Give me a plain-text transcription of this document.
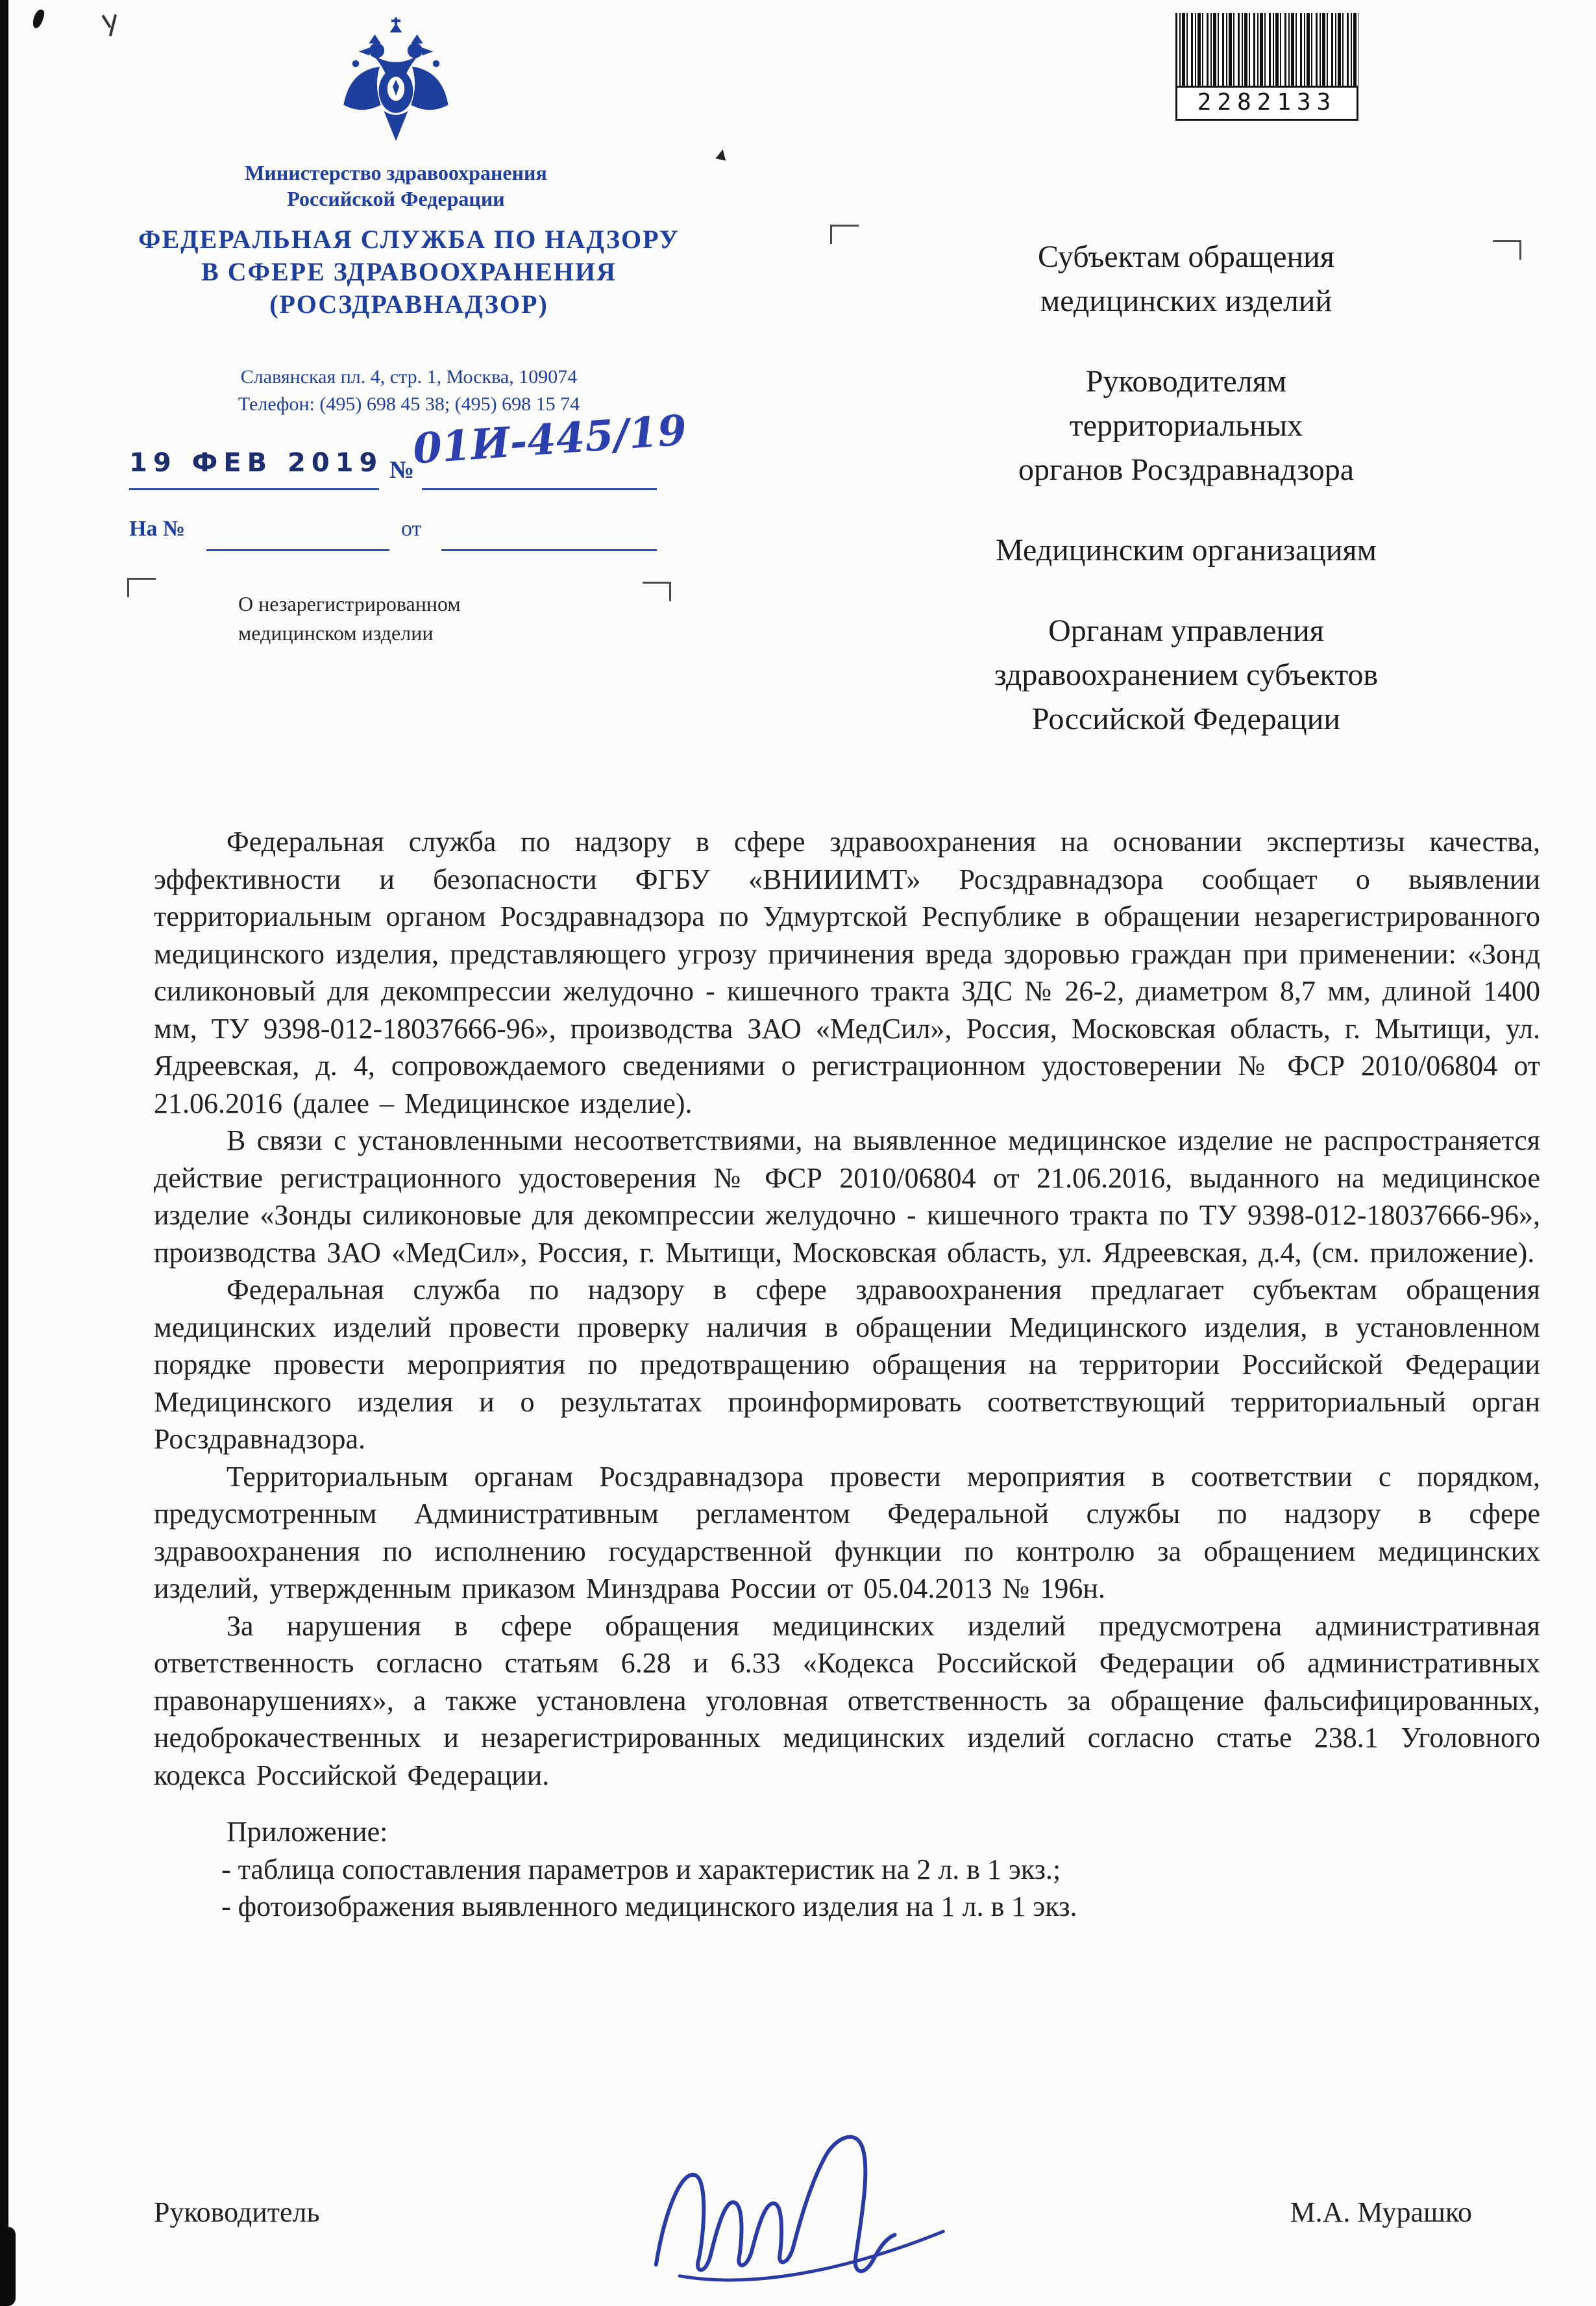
Министерство здравоохранения
Российской Федерации
ФЕДЕРАЛЬНАЯ СЛУЖБА ПО НАДЗОРУ
В СФЕРЕ ЗДРАВООХРАНЕНИЯ
(РОСЗДРАВНАДЗОР)
Славянская пл. 4, стр. 1, Москва, 109074
Телефон: (495) 698 45 38; (495) 698 15 74
19 ФЕВ 2019 №
01И-445/19
На №	от
О незарегистрированном
медицинском изделии
Субъектам обращения
медицинских изделий
Руководителям
территориальных
органов Росздравнадзора
Медицинским организациям
Органам управления
здравоохранением субъектов
Российской Федерации
2282133

Федеральная служба по надзору в сфере здравоохранения на основании экспертизы качества, эффективности и безопасности ФГБУ «ВНИИИМТ» Росздравнадзора сообщает о выявлении территориальным органом Росздравнадзора по Удмуртской Республике в обращении незарегистрированного медицинского изделия, представляющего угрозу причинения вреда здоровью граждан при применении: «Зонд силиконовый для декомпрессии желудочно - кишечного тракта ЗДС № 26-2, диаметром 8,7 мм, длиной 1400 мм, ТУ 9398-012-18037666-96», производства ЗАО «МедСил», Россия, Московская область, г. Мытищи, ул. Ядреевская, д. 4, сопровождаемого сведениями о регистрационном удостоверении № ФСР 2010/06804 от 21.06.2016 (далее – Медицинское изделие).

В связи с установленными несоответствиями, на выявленное медицинское изделие не распространяется действие регистрационного удостоверения № ФСР 2010/06804 от 21.06.2016, выданного на медицинское изделие «Зонды силиконовые для декомпрессии желудочно - кишечного тракта по ТУ 9398-012-18037666-96», производства ЗАО «МедСил», Россия, г. Мытищи, Московская область, ул. Ядреевская, д.4, (см. приложение).

Федеральная служба по надзору в сфере здравоохранения предлагает субъектам обращения медицинских изделий провести проверку наличия в обращении Медицинского изделия, в установленном порядке провести мероприятия по предотвращению обращения на территории Российской Федерации Медицинского изделия и о результатах проинформировать соответствующий территориальный орган Росздравнадзора.

Территориальным органам Росздравнадзора провести мероприятия в соответствии с порядком, предусмотренным Административным регламентом Федеральной службы по надзору в сфере здравоохранения по исполнению государственной функции по контролю за обращением медицинских изделий, утвержденным приказом Минздрава России от 05.04.2013 № 196н.

За нарушения в сфере обращения медицинских изделий предусмотрена административная ответственность согласно статьям 6.28 и 6.33 «Кодекса Российской Федерации об административных правонарушениях», а также установлена уголовная ответственность за обращение фальсифицированных, недоброкачественных и незарегистрированных медицинских изделий согласно статье 238.1 Уголовного кодекса Российской Федерации.

Приложение:

- таблица сопоставления параметров и характеристик на 2 л. в 1 экз.;
- фотоизображения выявленного медицинского изделия на 1 л. в 1 экз.
Руководитель	М.А. Мурашко
